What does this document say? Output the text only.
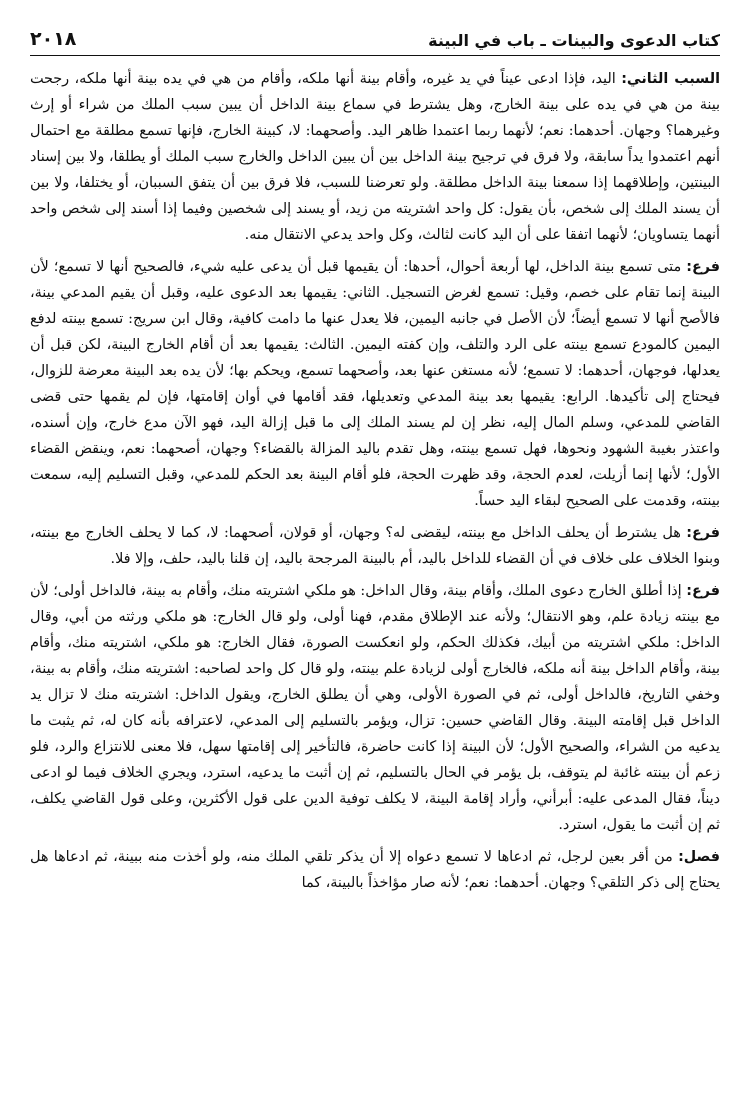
كتاب الدعوى والبينات ـ باب في البينة
٢٠١٨

السبب الثاني: اليد، فإذا ادعى عيناً في يد غيره، وأقام بينة أنها ملكه، وأقام من هي في يده بينة أنها ملكه، رجحت بينة من هي في يده على بينة الخارج، وهل يشترط في سماع بينة الداخل أن يبين سبب الملك من شراء أو إرث وغيرهما؟ وجهان. أحدهما: نعم؛ لأنهما ربما اعتمدا ظاهر اليد. وأصحهما: لا، كبينة الخارج، فإنها تسمع مطلقة مع احتمال أنهم اعتمدوا يداً سابقة، ولا فرق في ترجيح بينة الداخل بين أن يبين الداخل والخارج سبب الملك أو يطلقا، ولا بين إسناد البينتين، وإطلاقهما إذا سمعنا بينة الداخل مطلقة. ولو تعرضنا للسبب، فلا فرق بين أن يتفق السببان، أو يختلفا، ولا بين أن يسند الملك إلى شخص، بأن يقول: كل واحد اشتريته من زيد، أو يسند إلى شخصين وفيما إذا أسند إلى شخص واحد أنهما يتساويان؛ لأنهما اتفقا على أن اليد كانت لثالث، وكل واحد يدعي الانتقال منه.

فرع: متى تسمع بينة الداخل، لها أربعة أحوال، أحدها: أن يقيمها قبل أن يدعى عليه شيء، فالصحيح أنها لا تسمع؛ لأن البينة إنما تقام على خصم، وقيل: تسمع لغرض التسجيل. الثاني: يقيمها بعد الدعوى عليه، وقبل أن يقيم المدعي بينة، فالأصح أنها لا تسمع أيضاً؛ لأن الأصل في جانبه اليمين، فلا يعدل عنها ما دامت كافية، وقال ابن سريج: تسمع بينته لدفع اليمين كالمودع تسمع بينته على الرد والتلف، وإن كفته اليمين. الثالث: يقيمها بعد أن أقام الخارج البينة، لكن قبل أن يعدلها، فوجهان، أحدهما: لا تسمع؛ لأنه مستغن عنها بعد، وأصحهما تسمع، ويحكم بها؛ لأن يده بعد البينة معرضة للزوال، فيحتاج إلى تأكيدها. الرابع: يقيمها بعد بينة المدعي وتعديلها، فقد أقامها في أوان إقامتها، فإن لم يقمها حتى قضى القاضي للمدعي، وسلم المال إليه، نظر إن لم يسند الملك إلى ما قبل إزالة اليد، فهو الآن مدع خارج، وإن أسنده، واعتذر بغيبة الشهود ونحوها، فهل تسمع بينته، وهل تقدم باليد المزالة بالقضاء؟ وجهان، أصحهما: نعم، وينقض القضاء الأول؛ لأنها إنما أزيلت، لعدم الحجة، وقد ظهرت الحجة، فلو أقام البينة بعد الحكم للمدعي، وقبل التسليم إليه، سمعت بينته، وقدمت على الصحيح لبقاء اليد حساً.

فرع: هل يشترط أن يحلف الداخل مع بينته، ليقضى له؟ وجهان، أو قولان، أصحهما: لا، كما لا يحلف الخارج مع بينته، وبنوا الخلاف على خلاف في أن القضاء للداخل باليد، أم بالبينة المرجحة باليد، إن قلنا باليد، حلف، وإلا فلا.

فرع: إذا أطلق الخارج دعوى الملك، وأقام بينة، وقال الداخل: هو ملكي اشتريته منك، وأقام به بينة، فالداخل أولى؛ لأن مع بينته زيادة علم، وهو الانتقال؛ ولأنه عند الإطلاق مقدم، فهنا أولى، ولو قال الخارج: هو ملكي ورثته من أبي، وقال الداخل: ملكي اشتريته من أبيك، فكذلك الحكم، ولو انعكست الصورة، فقال الخارج: هو ملكي، اشتريته منك، وأقام بينة، وأقام الداخل بينة أنه ملكه، فالخارج أولى لزيادة علم بينته، ولو قال كل واحد لصاحبه: اشتريته منك، وأقام به بينة، وخفي التاريخ، فالداخل أولى، ثم في الصورة الأولى، وهي أن يطلق الخارج، ويقول الداخل: اشتريته منك لا تزال يد الداخل قبل إقامته البينة. وقال القاضي حسين: تزال، ويؤمر بالتسليم إلى المدعي، لاعترافه بأنه كان له، ثم يثبت ما يدعيه من الشراء، والصحيح الأول؛ لأن البينة إذا كانت حاضرة، فالتأخير إلى إقامتها سهل، فلا معنى للانتزاع والرد، فلو زعم أن بينته غائبة لم يتوقف، بل يؤمر في الحال بالتسليم، ثم إن أثبت ما يدعيه، استرد، ويجري الخلاف فيما لو ادعى ديناً، فقال المدعى عليه: أبرأني، وأراد إقامة البينة، لا يكلف توفية الدين على قول الأكثرين، وعلى قول القاضي يكلف، ثم إن أثبت ما يقول، استرد.

فصل: من أقر بعين لرجل، ثم ادعاها لا تسمع دعواه إلا أن يذكر تلقي الملك منه، ولو أخذت منه ببينة، ثم ادعاها هل يحتاج إلى ذكر التلقي؟ وجهان. أحدهما: نعم؛ لأنه صار مؤاخذاً بالبينة، كما
